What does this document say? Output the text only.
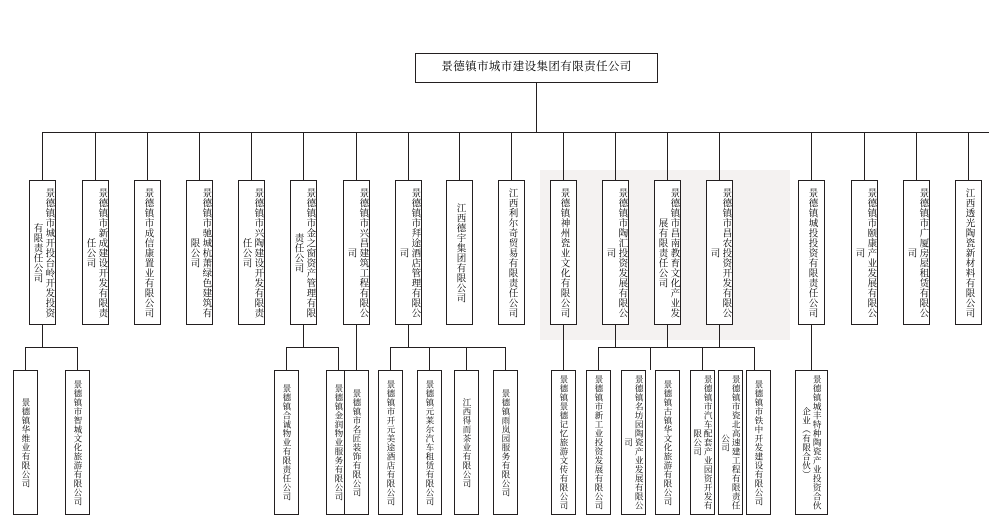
景德镇市城市建设集团有限责任公司
景德镇市城开投台岭开发投资有限责任公司	景德镇市新成建设开发有限责任公司	景德镇市成信康置业有限公司	景德镇市驰城杭萧绿色建筑有限公司	景德镇市兴陶建设开发有限责任公司	景德镇市金之窗资产管理有限责任公司	景德镇市兴昌建筑工程有限公司	景德镇市拜途酒店管理有限公司	江西德宇集团有限公司	江西利尔奇贸易有限责任公司	景德镇神州瓷业文化有限公司	景德镇市陶汇投资发展有限公司	景德镇市昌南教育文化产业发展有限责任公司	景德镇市昌农投资开发有限公司	景德镇城投投资有限责任公司	景德镇市颐康产业发展有限公司	景德镇市广厦房屋租赁有限公司	江西透光陶瓷新材料有限公司
景德镇华维业有限公司	景德镇市智城文化旅游有限公司	景德镇合诚物业有限责任公司	景德镇金润物业服务有限公司 景德镇市名匠装饰有限公司	景德镇市开元美途酒店有限公司	景德镇元莱尔汽车租赁有限公司	江西得而茶业有限公司	景德镇雨岚园服务有限公司	景德镇景德记忆旅游文传有限公司	景德镇市新工业投资发展有限公司	景德镇名坊园陶瓷产业发展有限公司	景德镇古镇华文化旅游有限公司	景德镇市汽车配套产业园资开发有限公司	景德镇市瓷北高速建工程有限责任公司	景德镇市铁中开发建设有限公司	景德镇城丰特种陶瓷产业投资合伙企业（有限合伙）
